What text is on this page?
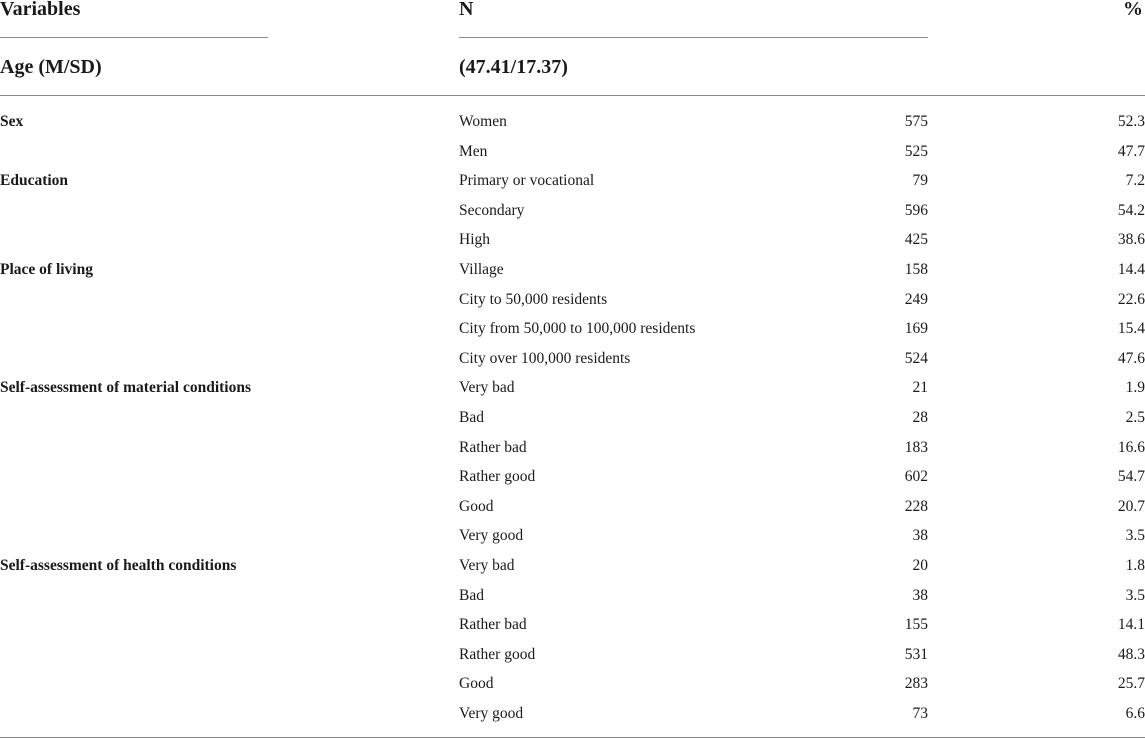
Variables	N	%
Age (M/SD)	(47.41/17.37)
Sex	Women	575	52.3
Men	525	47.7
Education	Primary or vocational	79	7.2
Secondary	596	54.2
High	425	38.6
Place of living	Village	158	14.4
City to 50,000 residents	249	22.6
City from 50,000 to 100,000 residents	169	15.4
City over 100,000 residents	524	47.6
Self-assessment of material conditions	Very bad	21	1.9
Bad	28	2.5
Rather bad	183	16.6
Rather good	602	54.7
Good	228	20.7
Very good	38	3.5
Self-assessment of health conditions	Very bad	20	1.8
Bad	38	3.5
Rather bad	155	14.1
Rather good	531	48.3
Good	283	25.7
Very good	73	6.6
